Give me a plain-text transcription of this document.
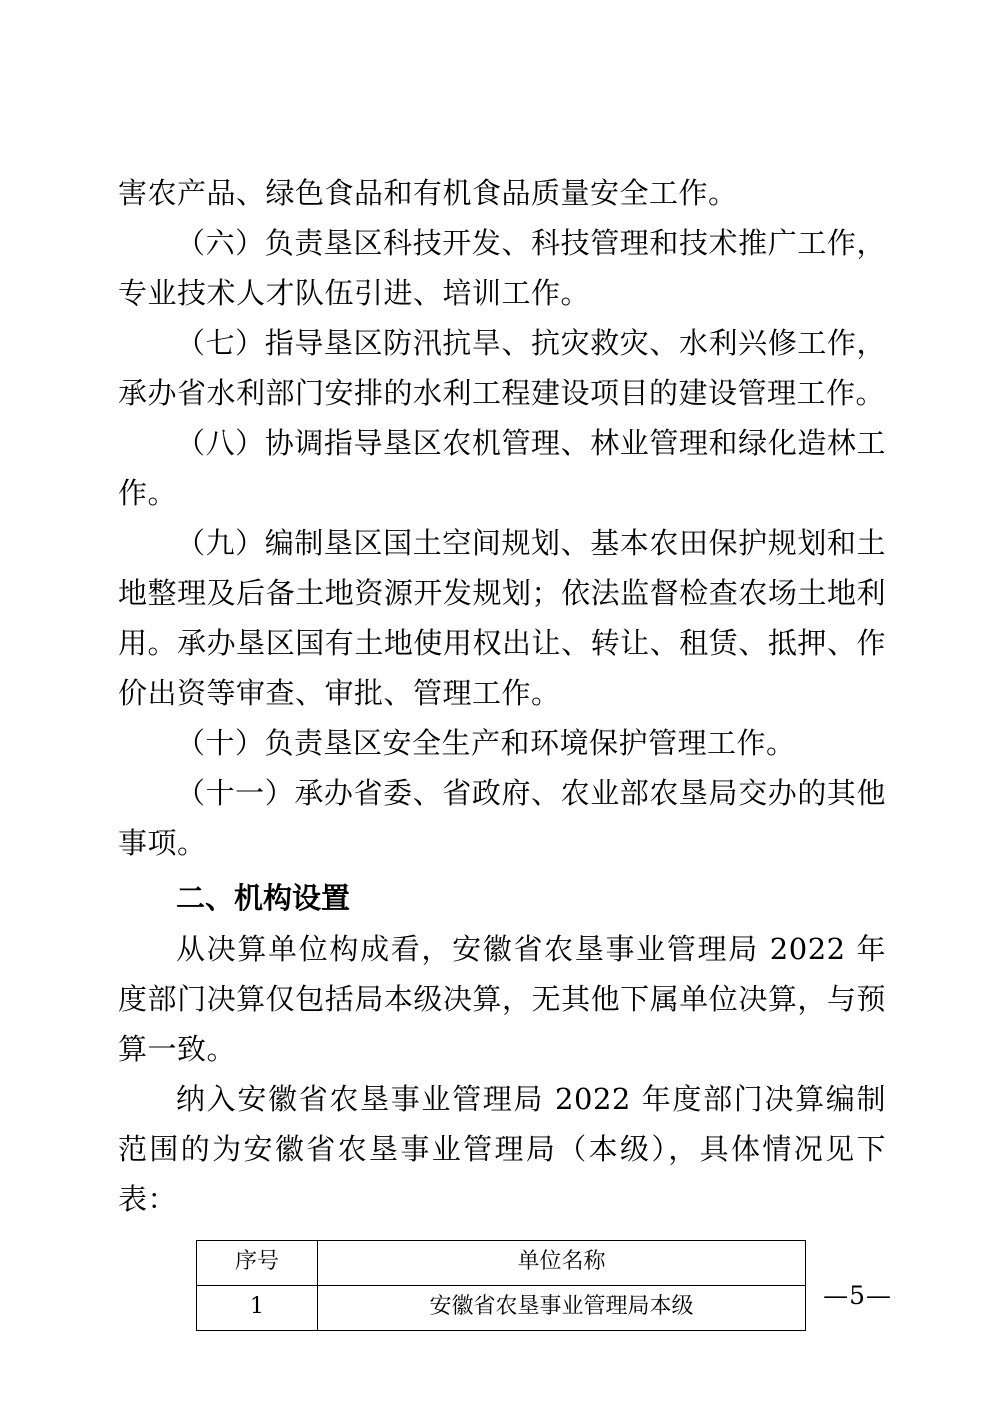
害农产品、绿色食品和有机食品质量安全工作。

（六）负责垦区科技开发、科技管理和技术推广工作，专业技术人才队伍引进、培训工作。

（七）指导垦区防汛抗旱、抗灾救灾、水利兴修工作，承办省水利部门安排的水利工程建设项目的建设管理工作。

（八）协调指导垦区农机管理、林业管理和绿化造林工作。

（九）编制垦区国土空间规划、基本农田保护规划和土地整理及后备土地资源开发规划；依法监督检查农场土地利用。承办垦区国有土地使用权出让、转让、租赁、抵押、作价出资等审查、审批、管理工作。

（十）负责垦区安全生产和环境保护管理工作。

（十一）承办省委、省政府、农业部农垦局交办的其他事项。

二、机构设置

从决算单位构成看，安徽省农垦事业管理局 2022 年度部门决算仅包括局本级决算，无其他下属单位决算，与预算一致。

纳入安徽省农垦事业管理局 2022 年度部门决算编制范围的为安徽省农垦事业管理局（本级），具体情况见下表：

序号	单位名称
1	安徽省农垦事业管理局本级	—5—
